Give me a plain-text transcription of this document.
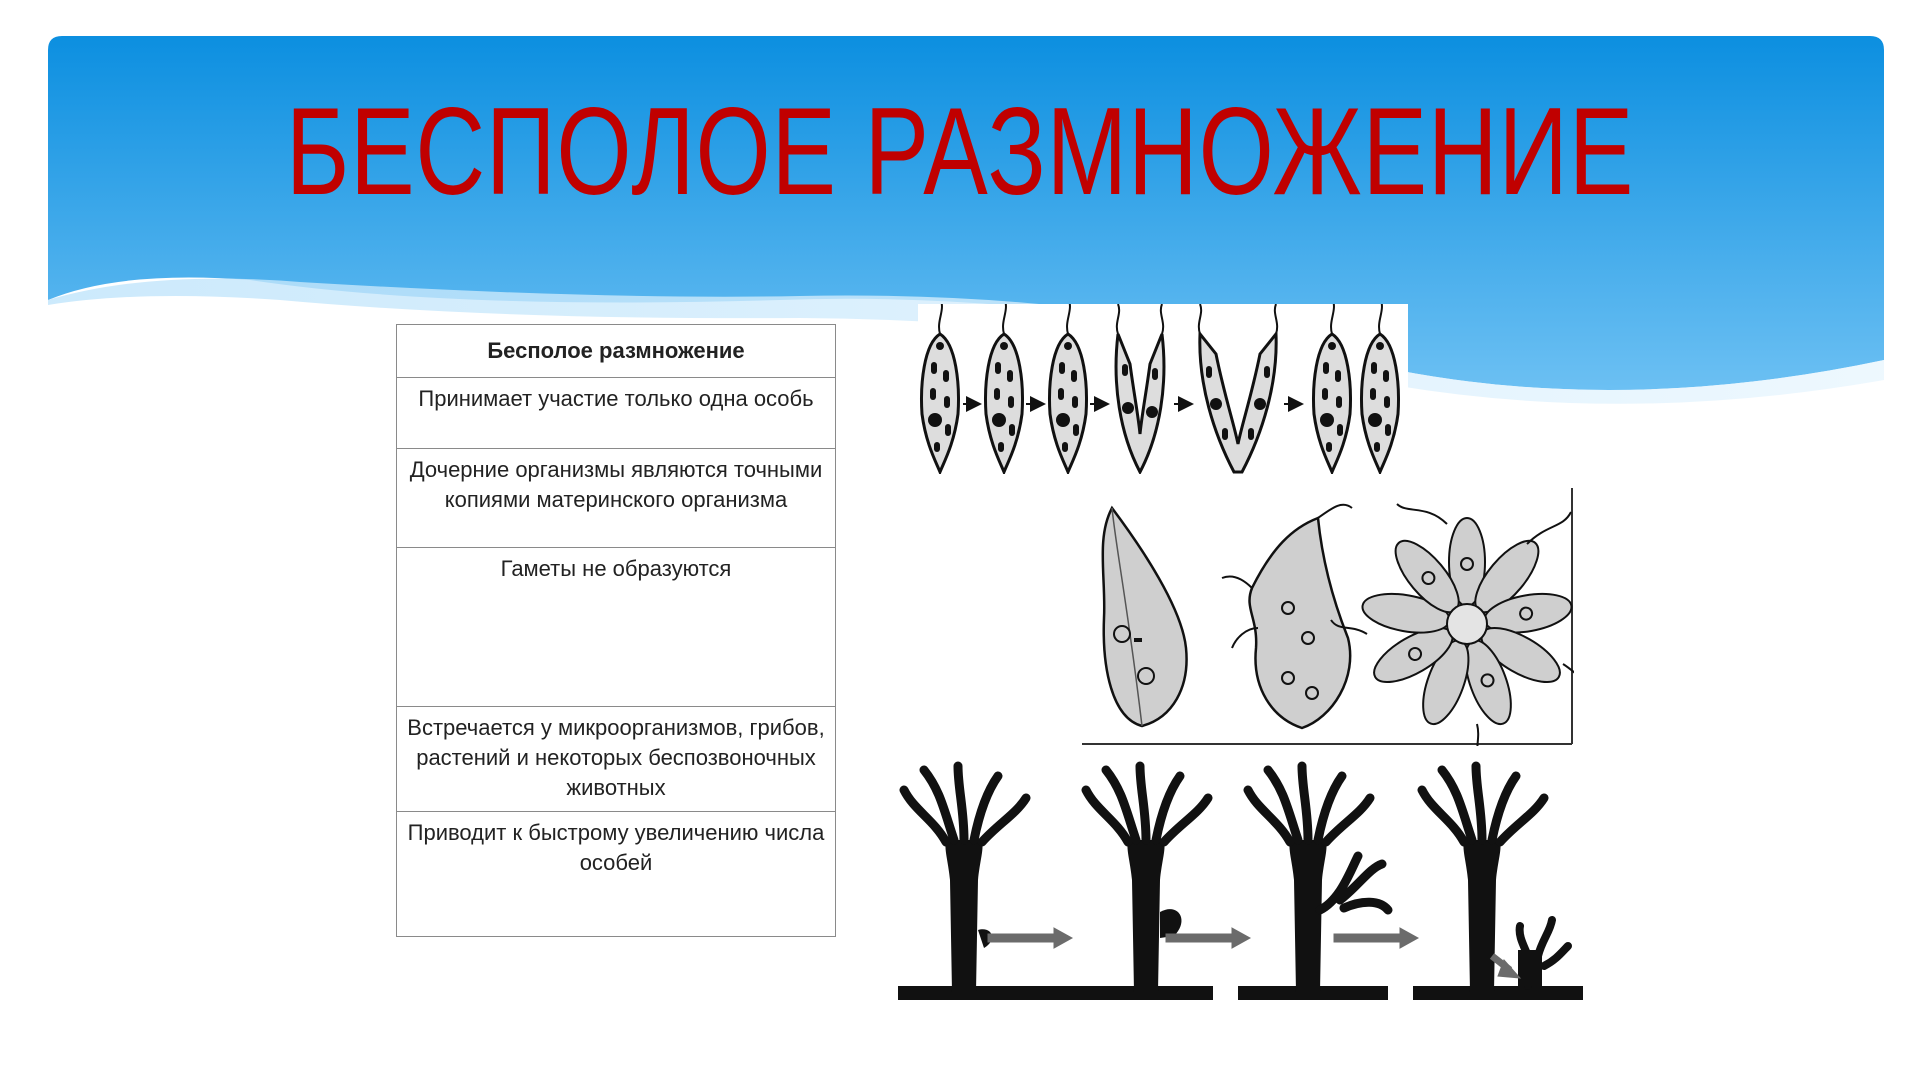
БЕСПОЛОЕ РАЗМНОЖЕНИЕ
Бесполое размножение
Принимает участие только одна особь
Дочерние организмы являются точными копиями материнского организма
Гаметы не образуются
Встречается у микроорганизмов, грибов, растений и некоторых беспозвоночных животных
Приводит к быстрому увеличению числа особей
